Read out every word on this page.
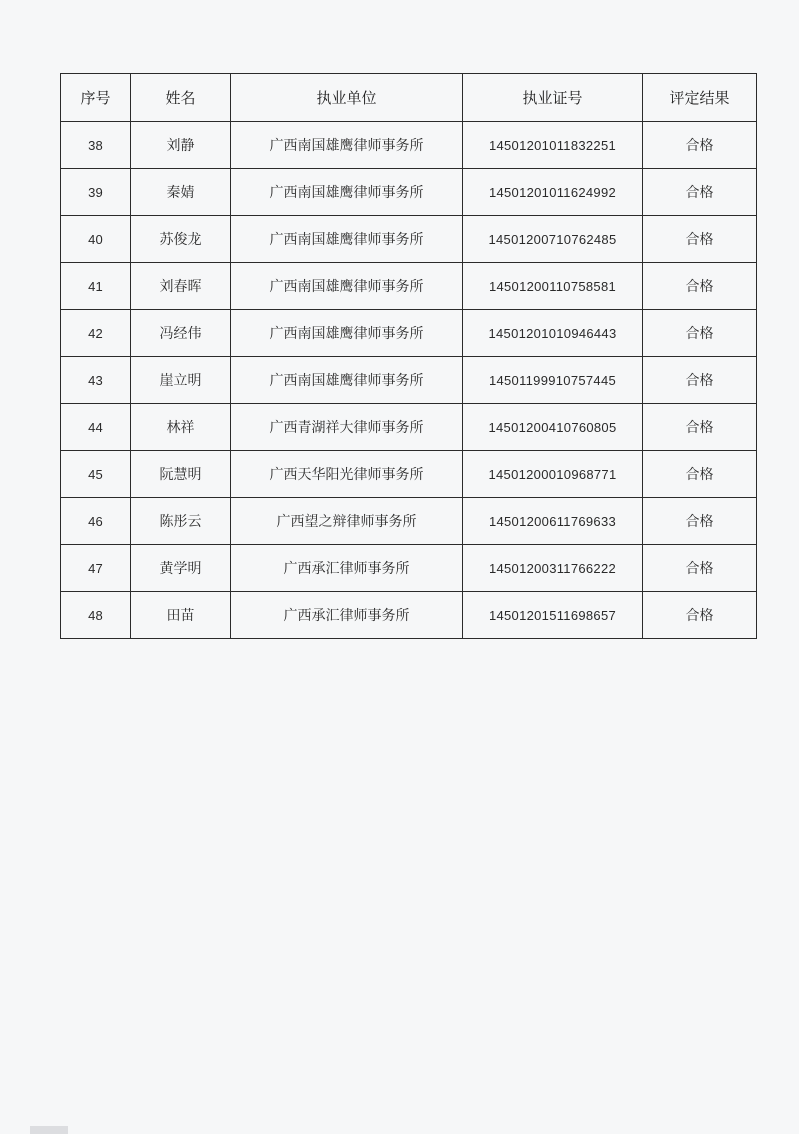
序号	姓名	执业单位	执业证号	评定结果
38	刘静	广西南国雄鹰律师事务所	14501201011832251	合格
39	秦婧	广西南国雄鹰律师事务所	14501201011624992	合格
40	苏俊龙	广西南国雄鹰律师事务所	14501200710762485	合格
41	刘春晖	广西南国雄鹰律师事务所	14501200110758581	合格
42	冯经伟	广西南国雄鹰律师事务所	14501201010946443	合格
43	崖立明	广西南国雄鹰律师事务所	14501199910757445	合格
44	林祥	广西青湖祥大律师事务所	14501200410760805	合格
45	阮慧明	广西天华阳光律师事务所	14501200010968771	合格
46	陈彤云	广西望之辩律师事务所	14501200611769633	合格
47	黄学明	广西承汇律师事务所	14501200311766222	合格
48	田苗	广西承汇律师事务所	14501201511698657	合格
